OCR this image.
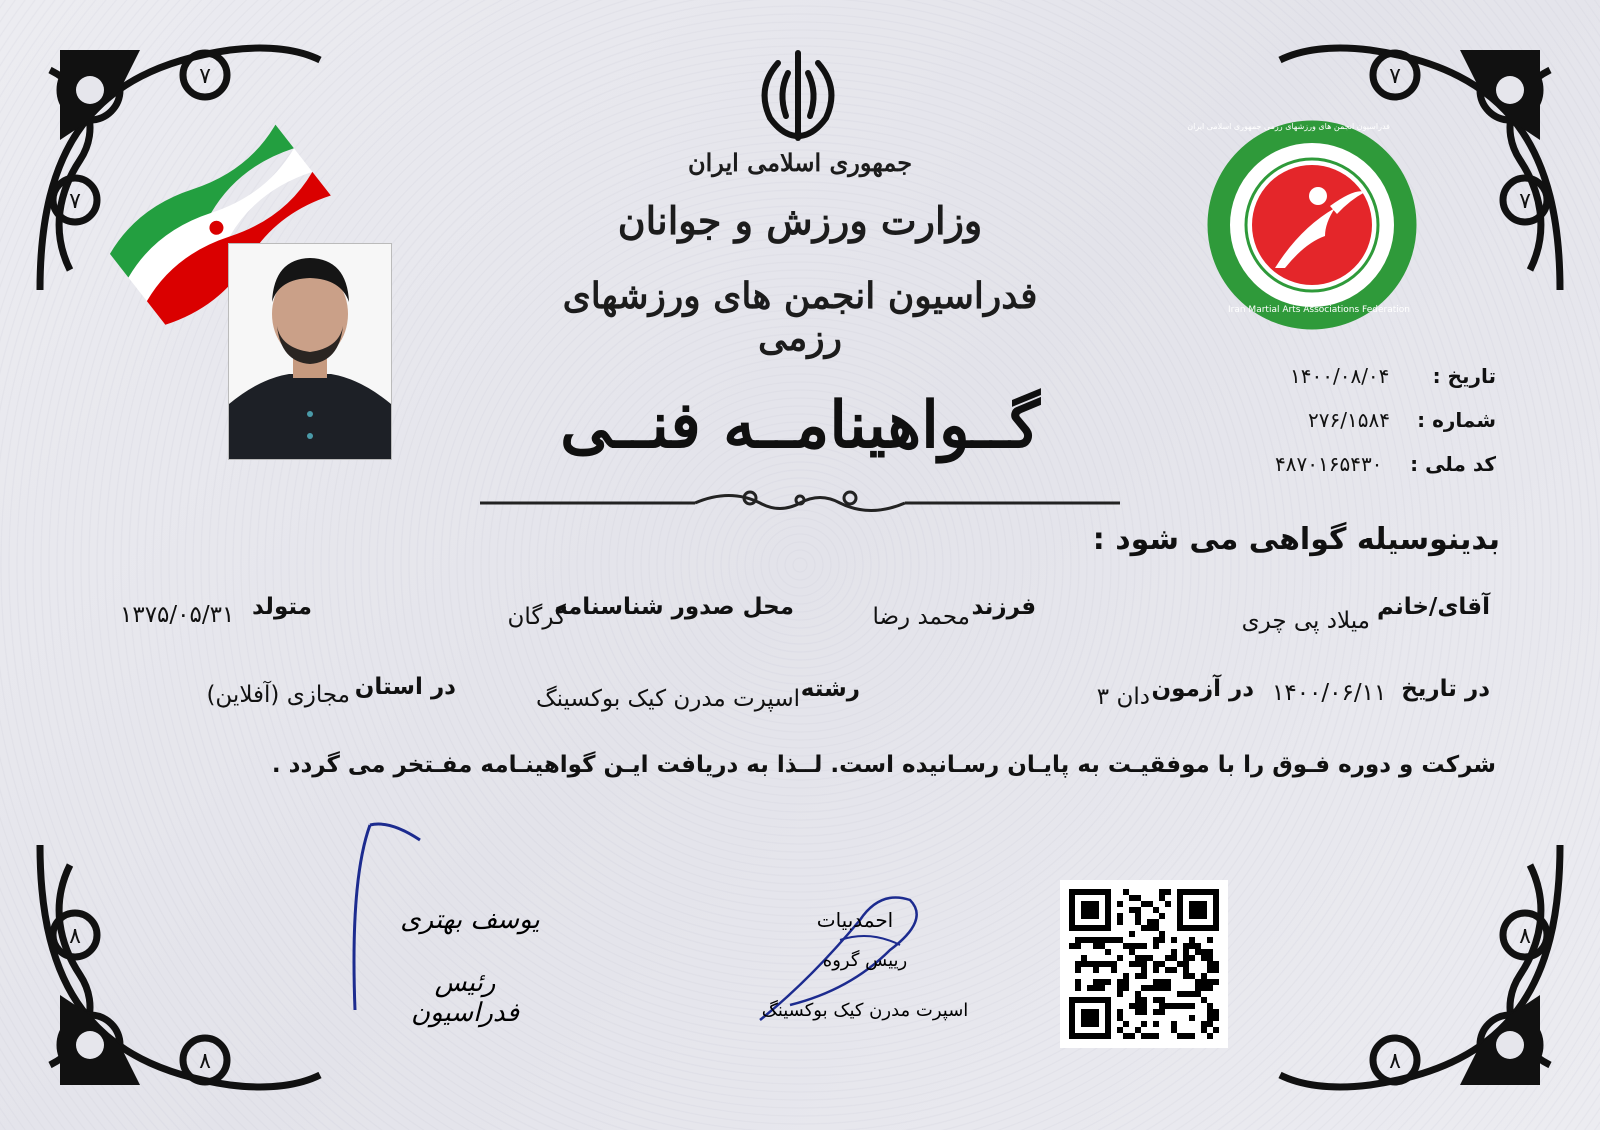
٧
٧
٧
٧
٨
٨
٨
٨
جمهوری اسلامی ایران
وزارت ورزش و جوانان
فدراسیون انجمن های ورزشهای رزمی
گــواهینامــه فنــی
Iran Martial Arts Associations Federation
فدراسیون انجمن های ورزشهای رزمی جمهوری اسلامی ایران
۱۴۰۰/۰۸/۰۴	تاریخ :
۲۷۶/۱۵۸۴	شماره :
۴۸۷۰۱۶۵۴۳۰	کد ملی :
بدینوسیله گواهی می شود :
آقای/خانم
میلاد پی چری
فرزند
محمد رضا
محل صدور شناسنامه
گرگان
متولد
۱۳۷۵/۰۵/۳۱
در تاریخ
۱۴۰۰/۰۶/۱۱
در آزمون
دان ۳
رشته
اسپرت مدرن کیک بوکسینگ
در استان
مجازی (آفلاین)
شرکت و دوره فـوق را با موفقیـت به پایـان رسـانیده است. لــذا به دریافت ایـن گواهینـامه مفـتخر می گردد .
یوسف بهتری
رئیس فدراسیون
احمدبیات
رییس گروه
اسپرت مدرن کیک بوکسینگ
